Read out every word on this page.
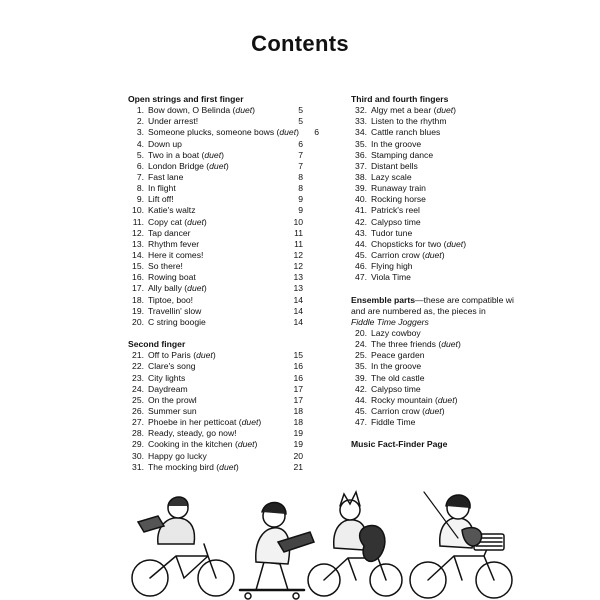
Contents
Open strings and first finger
1. Bow down, O Belinda (duet)	5
2. Under arrest!	5
3. Someone plucks, someone bows (duet)	6
4. Down up	6
5. Two in a boat (duet)	7
6. London Bridge (duet)	7
7. Fast lane	8
8. In flight	8
9. Lift off!	9
10. Katie's waltz	9
11. Copy cat (duet)	10
12. Tap dancer	11
13. Rhythm fever	11
14. Here it comes!	12
15. So there!	12
16. Rowing boat	13
17. Ally bally (duet)	13
18. Tiptoe, boo!	14
19. Travellin' slow	14
20. C string boogie	14
Second finger
21. Off to Paris (duet)	15
22. Clare's song	16
23. City lights	16
24. Daydream	17
25. On the prowl	17
26. Summer sun	18
27. Phoebe in her petticoat (duet)	18
28. Ready, steady, go now!	19
29. Cooking in the kitchen (duet)	19
30. Happy go lucky	20
31. The mocking bird (duet)	21
Third and fourth fingers
32. Algy met a bear (duet)
33. Listen to the rhythm
34. Cattle ranch blues
35. In the groove
36. Stamping dance
37. Distant bells
38. Lazy scale
39. Runaway train
40. Rocking horse
41. Patrick's reel
42. Calypso time
43. Tudor tune
44. Chopsticks for two (duet)
45. Carrion crow (duet)
46. Flying high
47. Viola Time
Ensemble parts—these are compatible wi
and are numbered as, the pieces in
Fiddle Time Joggers
20. Lazy cowboy
24. The three friends (duet)
25. Peace garden
35. In the groove
39. The old castle
42. Calypso time
44. Rocky mountain (duet)
45. Carrion crow (duet)
47. Fiddle Time
Music Fact-Finder Page
